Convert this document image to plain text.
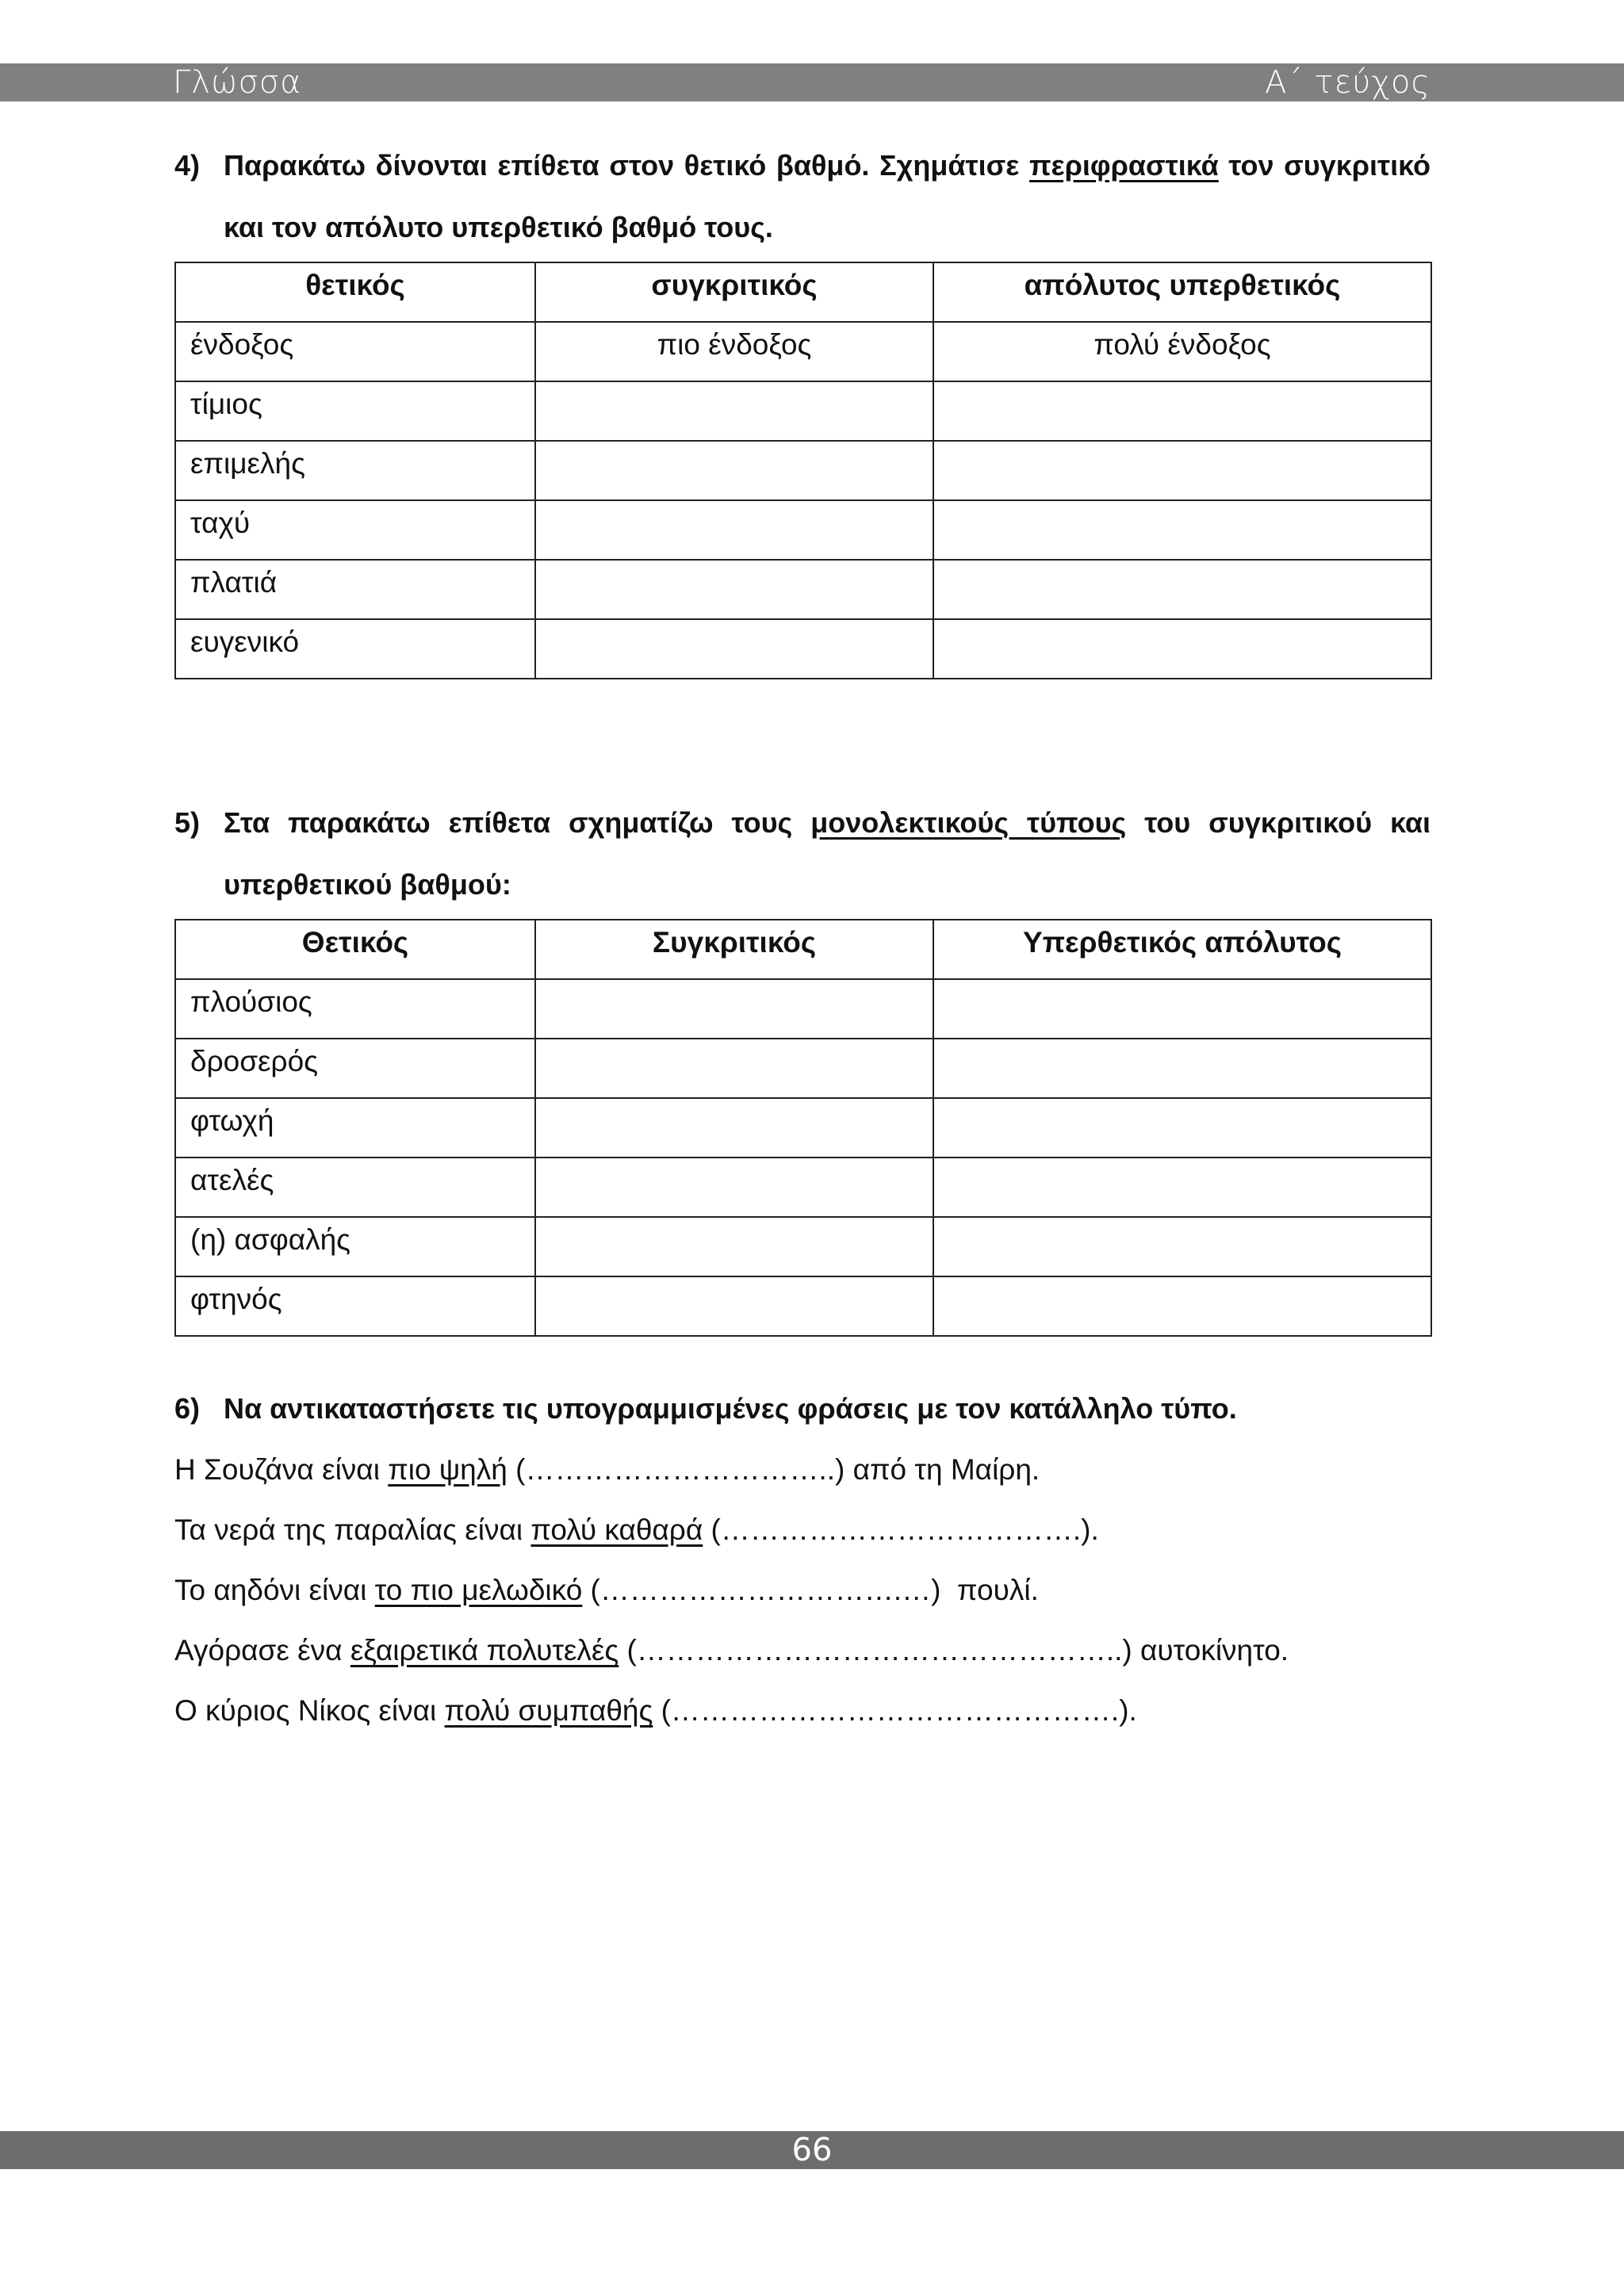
Γλώσσα	Α΄ τεύχος
4) Παρακάτω δίνονται επίθετα στον θετικό βαθμό. Σχημάτισε περιφραστικά τον συγκριτικό και τον απόλυτο υπερθετικό βαθμό τους.
θετικός	συγκριτικός	απόλυτος υπερθετικός
ένδοξος	πιο ένδοξος	πολύ ένδοξος
τίμιος		
επιμελής		
ταχύ		
πλατιά		
ευγενικό		
5) Στα παρακάτω επίθετα σχηματίζω τους μονολεκτικούς τύπους του συγκριτικού και υπερθετικού βαθμού:
Θετικός	Συγκριτικός	Υπερθετικός απόλυτος
πλούσιος		
δροσερός		
φτωχή		
ατελές		
(η) ασφαλής		
φτηνός		
6) Να αντικαταστήσετε τις υπογραμμισμένες φράσεις με τον κατάλληλο τύπο.
Η Σουζάνα είναι πιο ψηλή (…………………………..) από τη Μαίρη.
Τα νερά της παραλίας είναι πολύ καθαρά (……………………………….).
Το αηδόνι είναι το πιο μελωδικό (………………………….…)  πουλί.
Αγόρασε ένα εξαιρετικά πολυτελές (…………………………………………..) αυτοκίνητο.
Ο κύριος Νίκος είναι πολύ συμπαθής (……………………………………….).
66
